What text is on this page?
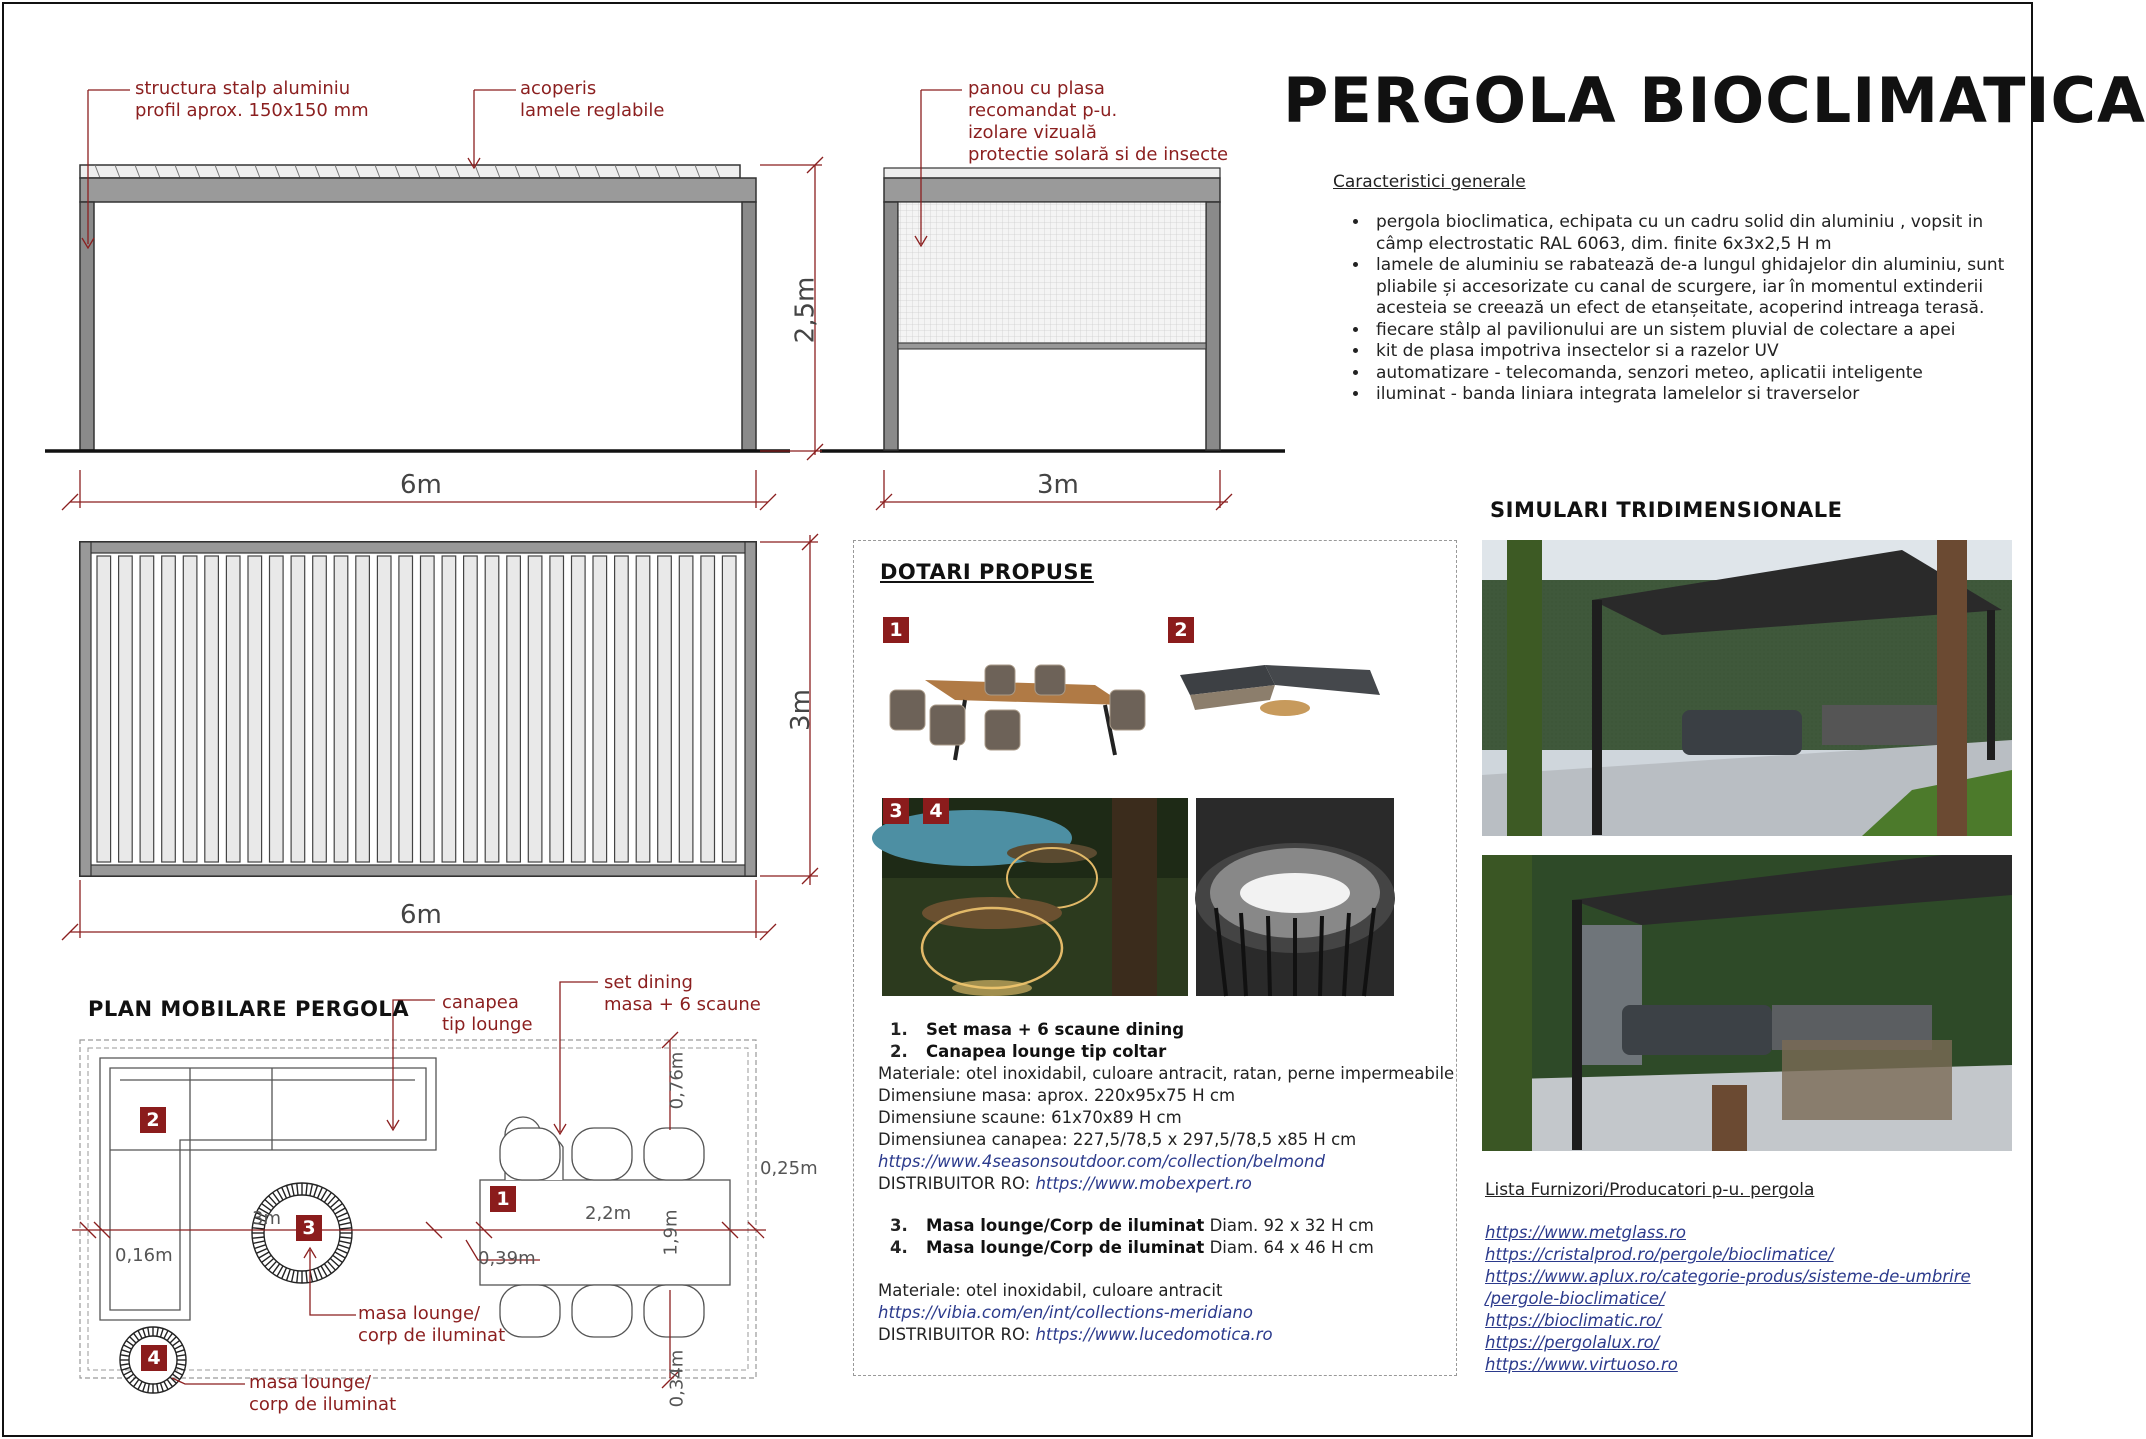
structura stalp aluminiu
profil aprox. 150x150 mm
acoperis
lamele reglabile
panou cu plasa
recomandat p-u.
izolare vizuală
protectie solară si de insecte
6m	3m
2,5m
3m
6m
PERGOLA BIOCLIMATICA
Caracteristici generale
• pergola bioclimatica, echipata cu un cadru solid din aluminiu , vopsit in câmp electrostatic RAL 6063, dim. finite 6x3x2,5 H m
• lamele de aluminiu se rabatează de-a lungul ghidajelor din aluminiu, sunt pliabile și accesorizate cu canal de scurgere, iar în momentul extinderii acesteia se creează un efect de etanșeitate, acoperind intreaga terasă.
• fiecare stâlp al pavilionului are un sistem pluvial de colectare a apei
• kit de plasa impotriva insectelor si a razelor UV
• automatizare - telecomanda, senzori meteo, aplicatii inteligente
• iluminat - banda liniara integrata lamelelor si traverselor
SIMULARI TRIDIMENSIONALE
Lista Furnizori/Producatori p-u. pergola
https://www.metglass.ro
https://cristalprod.ro/pergole/bioclimatice/
https://www.aplux.ro/categorie-produs/sisteme-de-umbrire
/pergole-bioclimatice/
https://bioclimatic.ro/
https://pergolalux.ro/
https://www.virtuoso.ro
DOTARI PROPUSE
1	2
3	4
1. Set masa + 6 scaune dining
2. Canapea lounge tip coltar
Materiale: otel inoxidabil, culoare antracit, ratan, perne impermeabile
Dimensiune masa: aprox. 220x95x75 H cm
Dimensiune scaune: 61x70x89 H cm
Dimensiunea canapea: 227,5/78,5 x 297,5/78,5 x85 H cm
https://www.4seasonsoutdoor.com/collection/belmond
DISTRIBUITOR RO: https://www.mobexpert.ro
3. Masa lounge/Corp de iluminat Diam. 92 x 32 H cm
4. Masa lounge/Corp de iluminat Diam. 64 x 46 H cm
Materiale: otel inoxidabil, culoare antracit
https://vibia.com/en/int/collections-meridiano
DISTRIBUITOR RO: https://www.lucedomotica.ro
PLAN MOBILARE PERGOLA canapea
tip lounge
set dining
masa + 6 scaune
masa lounge/
corp de iluminat
masa lounge/
corp de iluminat
2
1
3
4
0,76m
0,25m
2,2m 1,9m
3m
0,16m	0,39m
0,34m
